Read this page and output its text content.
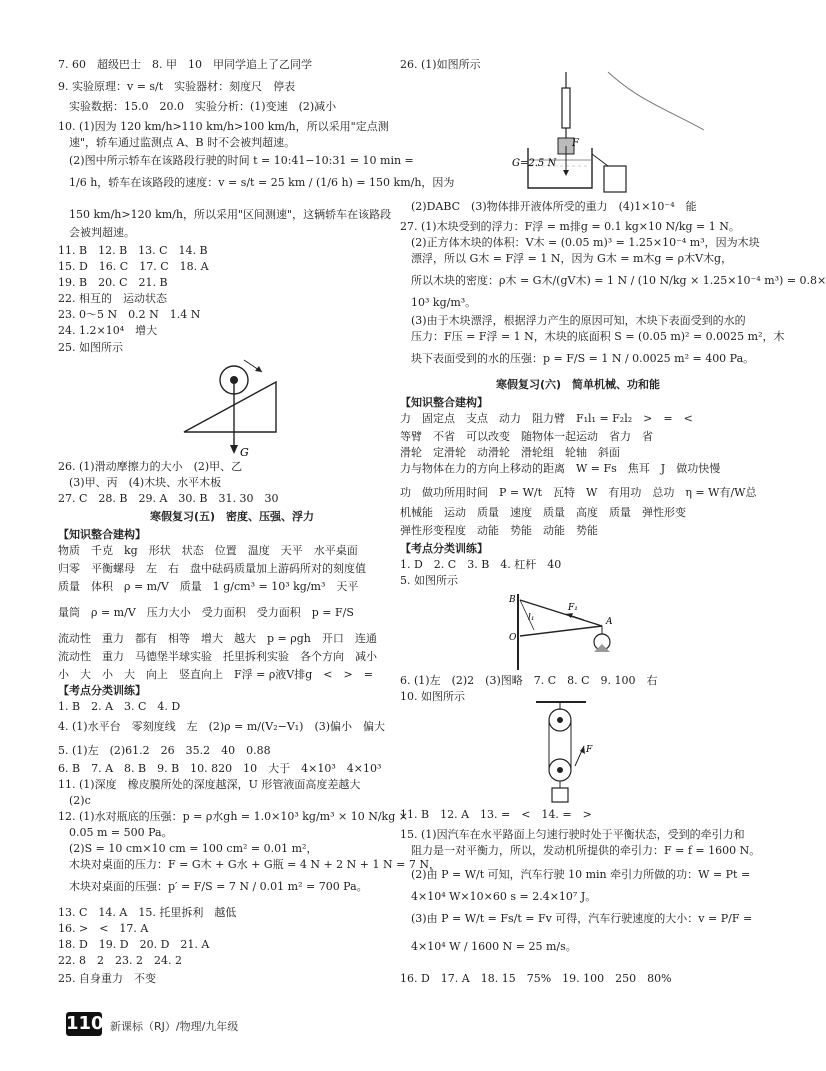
7. 60　超级巴士　8. 甲　10　甲同学追上了乙同学
9. 实验原理：v = s/t　实验器材：刻度尺　停表
　实验数据：15.0　20.0　实验分析：(1)变速　(2)减小
10. (1)因为 120 km/h>110 km/h>100 km/h，所以采用"定点测
　速"，轿车通过监测点 A、B 时不会被判超速。
　(2)图中所示轿车在该路段行驶的时间 t = 10:41−10:31 = 10 min =
　1/6 h，轿车在该路段的速度：v = s/t = 25 km / (1/6 h) = 150 km/h，因为
　150 km/h>120 km/h，所以采用"区间测速"，这辆轿车在该路段
　会被判超速。
11. B　12. B　13. C　14. B
15. D　16. C　17. C　18. A
19. B　20. C　21. B
22. 相互的　运动状态
23. 0～5 N　0.2 N　1.4 N
24. 1.2×10⁴　增大
25. 如图所示
G
26. (1)滑动摩擦力的大小　(2)甲、乙
　(3)甲、丙　(4)木块、水平木板
27. C　28. B　29. A　30. B　31. 30　30
寒假复习(五)　密度、压强、浮力
【知识整合建构】
物质　千克　kg　形状　状态　位置　温度　天平　水平桌面
归零　平衡螺母　左　右　盘中砝码质量加上游码所对的刻度值
质量　体积　ρ = m/V　质量　1 g/cm³ = 10³ kg/m³　天平
量筒　ρ = m/V　压力大小　受力面积　受力面积　p = F/S
流动性　重力　都有　相等　增大　越大　p = ρgh　开口　连通
流动性　重力　马德堡半球实验　托里拆利实验　各个方向　减小
小　大　小　大　向上　竖直向上　F浮 = ρ液V排g　<　>　=
【考点分类训练】
1. B　2. A　3. C　4. D
4. (1)水平台　零刻度线　左　(2)ρ = m/(V₂−V₁)　(3)偏小　偏大
5. (1)左　(2)61.2　26　35.2　40　0.88
6. B　7. A　8. B　9. B　10. 820　10　大于　4×10³　4×10³
11. (1)深度　橡皮膜所处的深度越深，U 形管液面高度差越大
　(2)c
12. (1)水对瓶底的压强：p = ρ水gh = 1.0×10³ kg/m³ × 10 N/kg ×
　0.05 m = 500 Pa。
　(2)S = 10 cm×10 cm = 100 cm² = 0.01 m²，
　木块对桌面的压力：F = G木 + G水 + G瓶 = 4 N + 2 N + 1 N = 7 N，
　木块对桌面的压强：p′ = F/S = 7 N / 0.01 m² = 700 Pa。
13. C　14. A　15. 托里拆利　越低
16. >　<　17. A
18. D　19. D　20. D　21. A
22. 8　2　23. 2　24. 2
25. 自身重力　不变
26. (1)如图所示
F
G=2.5 N
　(2)DABC　(3)物体排开液体所受的重力　(4)1×10⁻⁴　能
27. (1)木块受到的浮力：F浮 = m排g = 0.1 kg×10 N/kg = 1 N。
　(2)正方体木块的体积：V木 = (0.05 m)³ = 1.25×10⁻⁴ m³，因为木块
　漂浮，所以 G木 = F浮 = 1 N，因为 G木 = m木g = ρ木V木g，
　所以木块的密度：ρ木 = G木/(gV木) = 1 N / (10 N/kg × 1.25×10⁻⁴ m³) = 0.8×
　10³ kg/m³。
　(3)由于木块漂浮，根据浮力产生的原因可知，木块下表面受到的水的
　压力：F压 = F浮 = 1 N，木块的底面积 S = (0.05 m)² = 0.0025 m²，木
　块下表面受到的水的压强：p = F/S = 1 N / 0.0025 m² = 400 Pa。
寒假复习(六)　简单机械、功和能
【知识整合建构】
力　固定点　支点　动力　阻力臂　F₁l₁ = F₂l₂　>　=　<
等臂　不省　可以改变　随物体一起运动　省力　省
滑轮　定滑轮　动滑轮　滑轮组　轮轴　斜面
力与物体在力的方向上移动的距离　W = Fs　焦耳　J　做功快慢
功　做功所用时间　P = W/t　瓦特　W　有用功　总功　η = W有/W总
机械能　运动　质量　速度　质量　高度　质量　弹性形变
弹性形变程度　动能　势能　动能　势能
【考点分类训练】
1. D　2. C　3. B　4. 杠杆　40
5. 如图所示
B
O
A
F₁
l₁
6. (1)左　(2)2　(3)图略　7. C　8. C　9. 100　右
10. 如图所示
F
11. B　12. A　13. =　<　14. =　>
15. (1)因汽车在水平路面上匀速行驶时处于平衡状态，受到的牵引力和
　阻力是一对平衡力，所以，发动机所提供的牵引力：F = f = 1600 N。
　(2)由 P = W/t 可知，汽车行驶 10 min 牵引力所做的功：W = Pt =
　4×10⁴ W×10×60 s = 2.4×10⁷ J。
　(3)由 P = W/t = Fs/t = Fv 可得，汽车行驶速度的大小：v = P/F =
　4×10⁴ W / 1600 N = 25 m/s。
16. D　17. A　18. 15　75%　19. 100　250　80%
110 新课标（RJ）/物理/九年级
